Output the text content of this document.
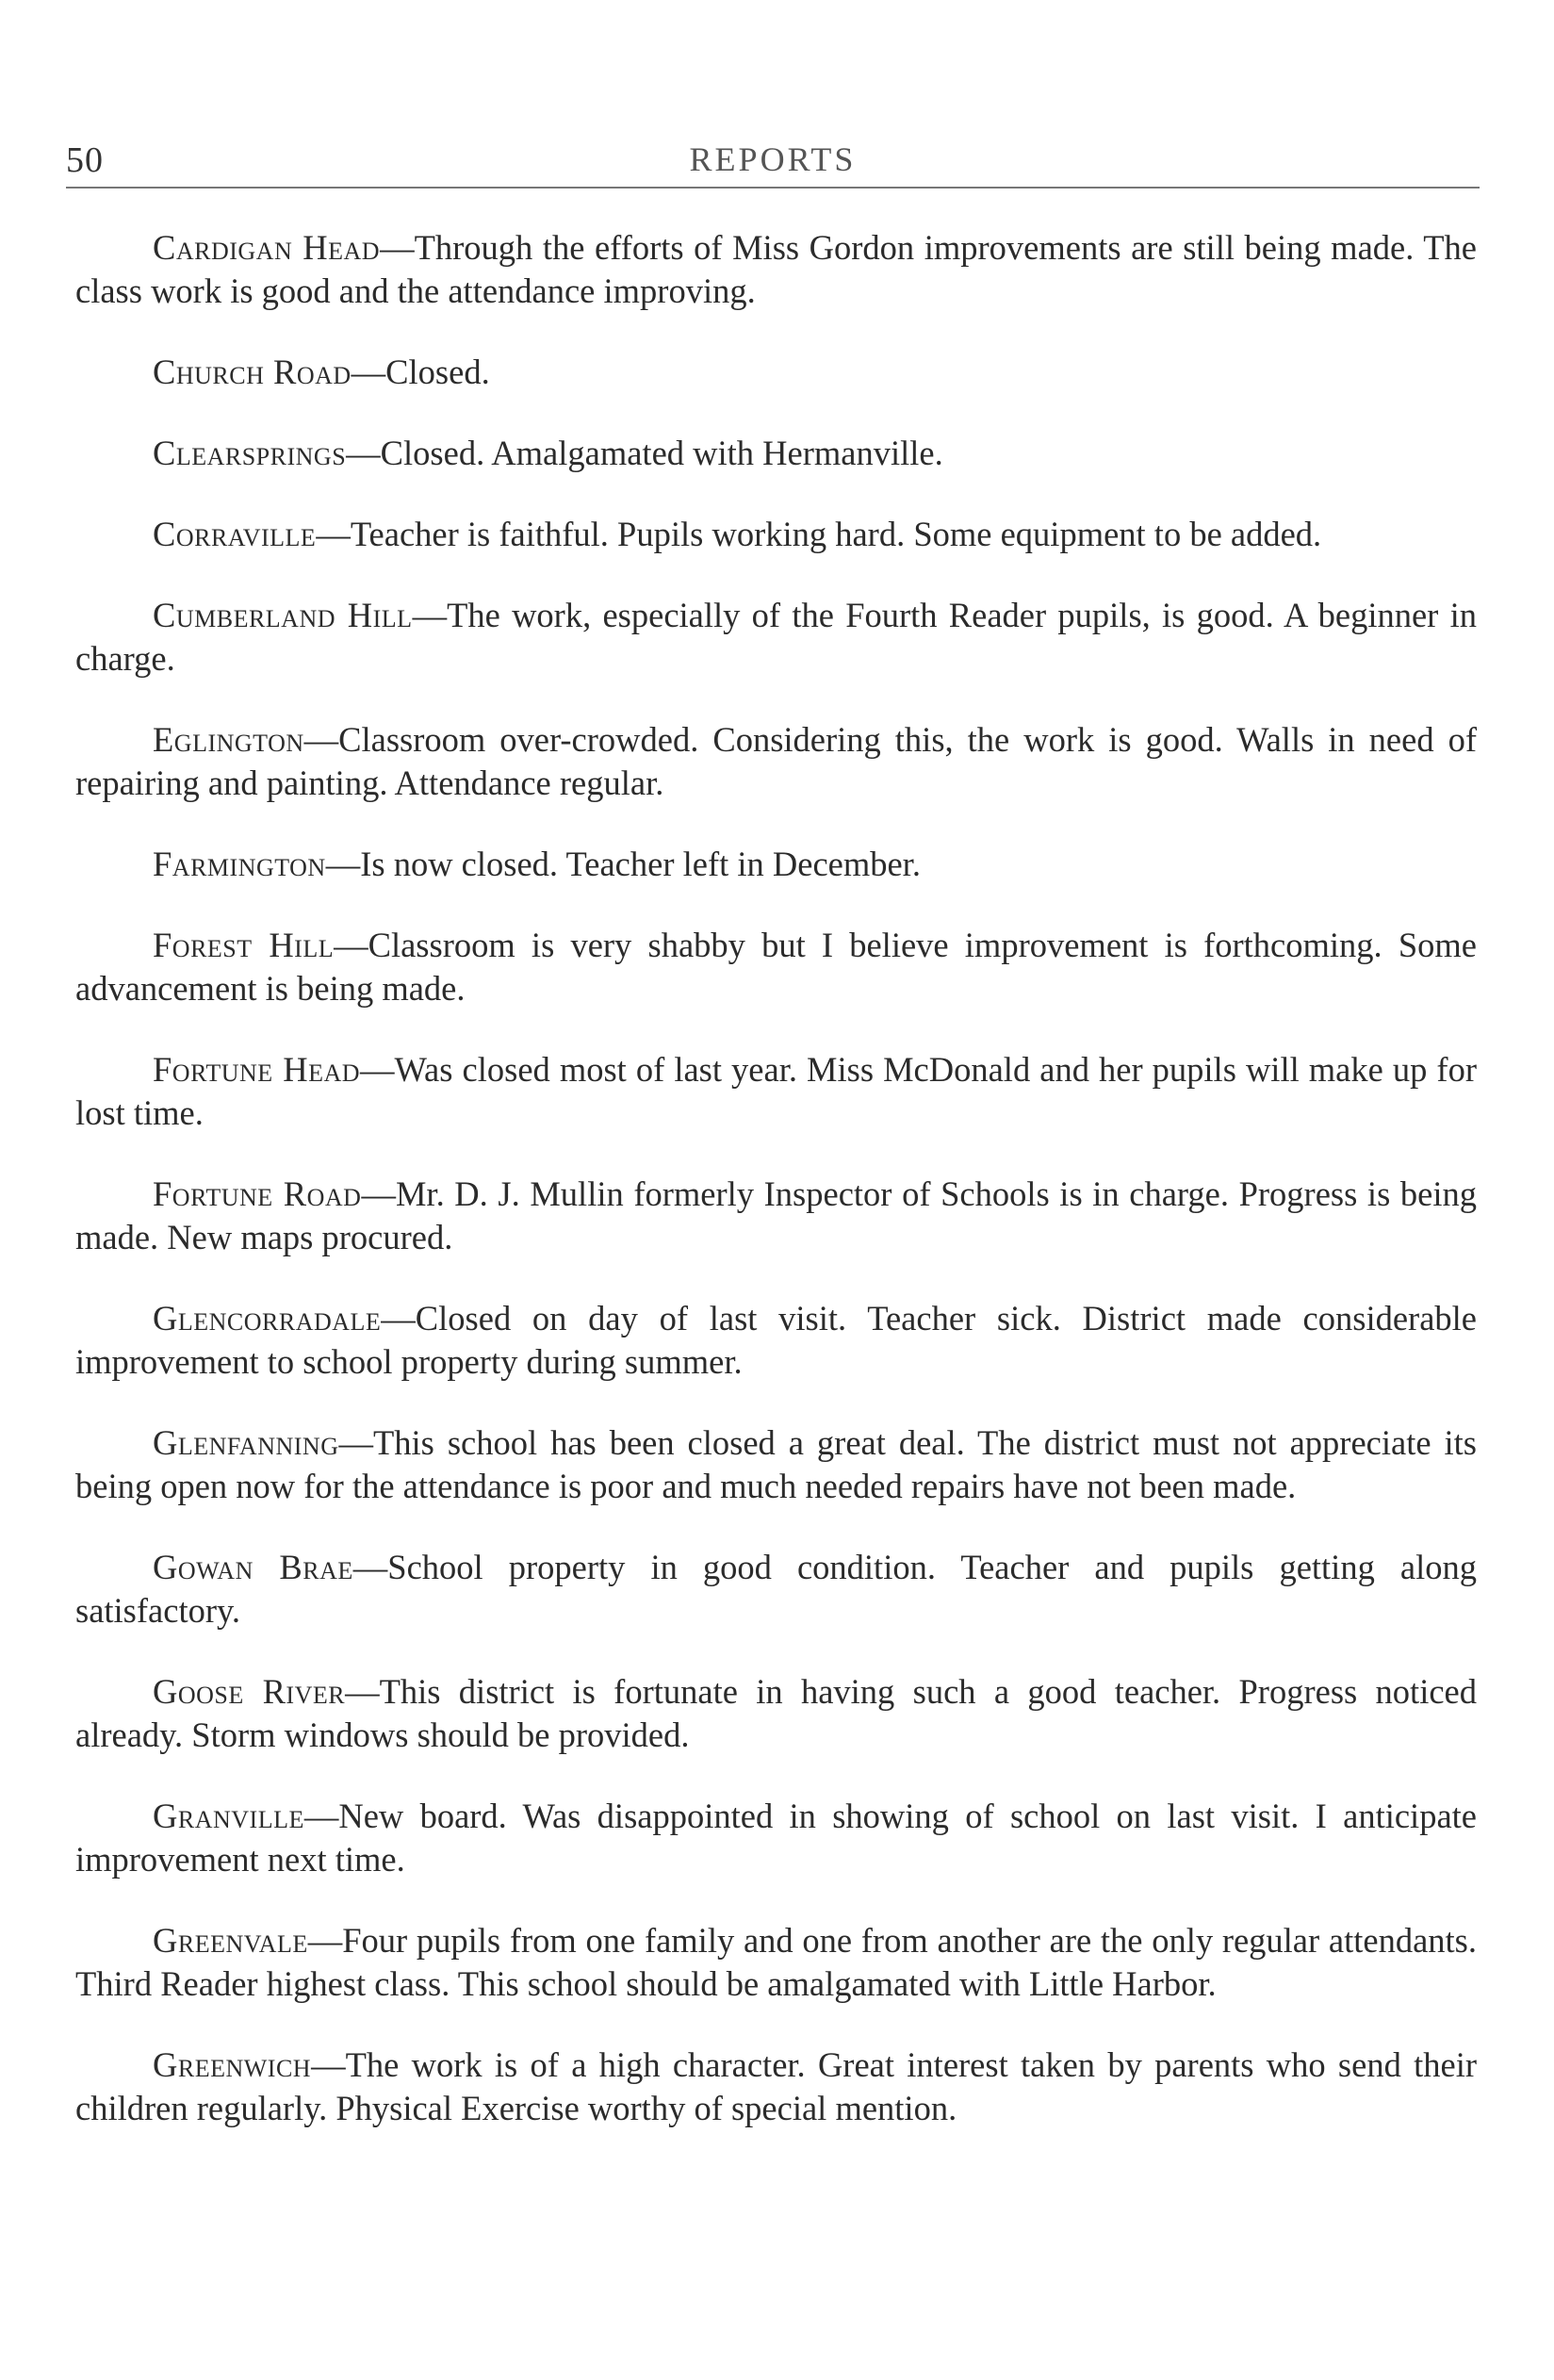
50	REPORTS

Cardigan Head—Through the efforts of Miss Gordon improvements are still being made. The class work is good and the attendance improving.

Church Road—Closed.

Clearsprings—Closed. Amalgamated with Hermanville.

Corraville—Teacher is faithful. Pupils working hard. Some equipment to be added.

Cumberland Hill—The work, especially of the Fourth Reader pupils, is good. A beginner in charge.

Eglington—Classroom over-crowded. Considering this, the work is good. Walls in need of repairing and painting. Attendance regular.

Farmington—Is now closed. Teacher left in December.

Forest Hill—Classroom is very shabby but I believe improvement is forthcoming. Some advancement is being made.

Fortune Head—Was closed most of last year. Miss McDonald and her pupils will make up for lost time.

Fortune Road—Mr. D. J. Mullin formerly Inspector of Schools is in charge. Progress is being made. New maps procured.

Glencorradale—Closed on day of last visit. Teacher sick. District made considerable improvement to school property during summer.

Glenfanning—This school has been closed a great deal. The district must not appreciate its being open now for the attendance is poor and much needed repairs have not been made.

Gowan Brae—School property in good condition. Teacher and pupils getting along satisfactory.

Goose River—This district is fortunate in having such a good teacher. Progress noticed already. Storm windows should be provided.

Granville—New board. Was disappointed in showing of school on last visit. I anticipate improvement next time.

Greenvale—Four pupils from one family and one from another are the only regular attendants. Third Reader highest class. This school should be amalgamated with Little Harbor.

Greenwich—The work is of a high character. Great interest taken by parents who send their children regularly. Physical Exercise worthy of special mention.
